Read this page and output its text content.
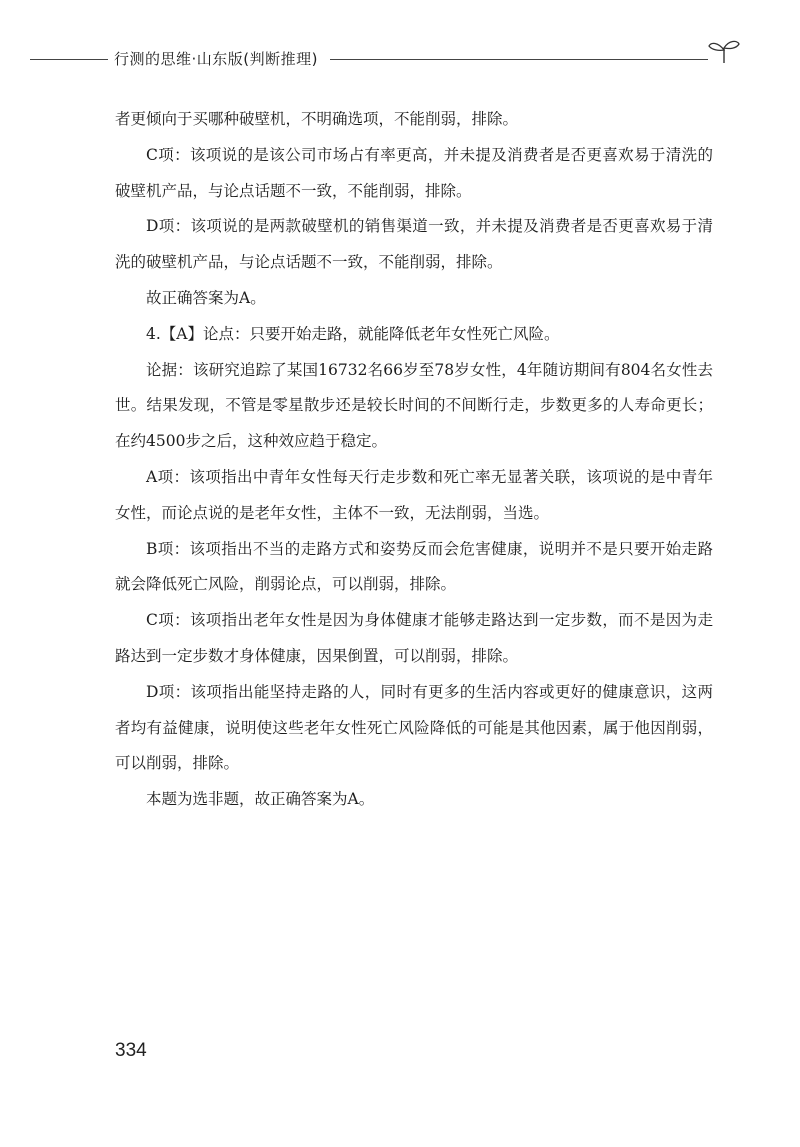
行测的思维·山东版(判断推理)

者更倾向于买哪种破壁机，不明确选项，不能削弱，排除。

C项：该项说的是该公司市场占有率更高，并未提及消费者是否更喜欢易于清洗的破壁机产品，与论点话题不一致，不能削弱，排除。

D项：该项说的是两款破壁机的销售渠道一致，并未提及消费者是否更喜欢易于清洗的破壁机产品，与论点话题不一致，不能削弱，排除。

故正确答案为A。

4.【A】论点：只要开始走路，就能降低老年女性死亡风险。

论据：该研究追踪了某国16732名66岁至78岁女性，4年随访期间有804名女性去世。结果发现，不管是零星散步还是较长时间的不间断行走，步数更多的人寿命更长；在约4500步之后，这种效应趋于稳定。

A项：该项指出中青年女性每天行走步数和死亡率无显著关联，该项说的是中青年女性，而论点说的是老年女性，主体不一致，无法削弱，当选。

B项：该项指出不当的走路方式和姿势反而会危害健康，说明并不是只要开始走路就会降低死亡风险，削弱论点，可以削弱，排除。

C项：该项指出老年女性是因为身体健康才能够走路达到一定步数，而不是因为走路达到一定步数才身体健康，因果倒置，可以削弱，排除。

D项：该项指出能坚持走路的人，同时有更多的生活内容或更好的健康意识，这两者均有益健康，说明使这些老年女性死亡风险降低的可能是其他因素，属于他因削弱，可以削弱，排除。

本题为选非题，故正确答案为A。

334
